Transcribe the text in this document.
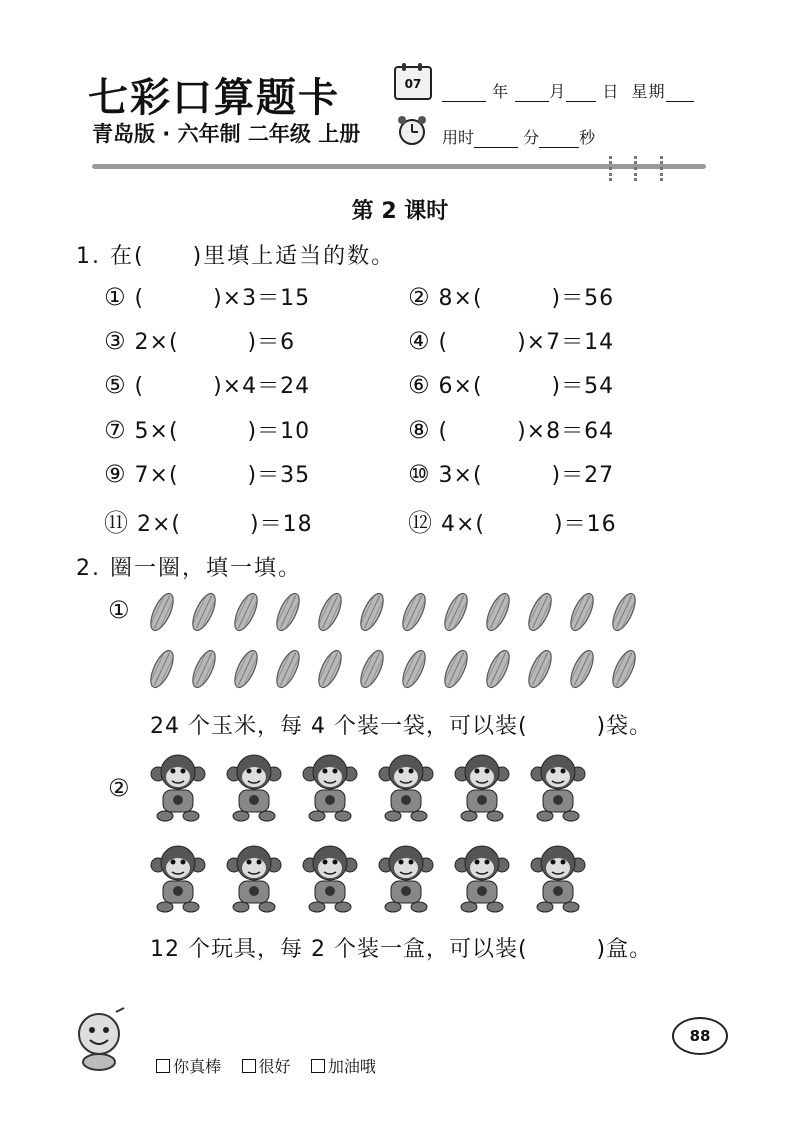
七彩口算题卡
青岛版 · 六年制 二年级 上册
07	年	月 日 星期
用时	分	秒
第 2 课时
1. 在(　　)里填上适当的数。
① (　　　)×3＝15	② 8×(　　　)＝56
③ 2×(　　　)＝6	④ (　　　)×7＝14
⑤ (　　　)×4＝24	⑥ 6×(　　　)＝54
⑦ 5×(　　　)＝10	⑧ (　　　)×8＝64
⑨ 7×(　　　)＝35	⑩ 3×(　　　)＝27
⑪ 2×(　　　)＝18	⑫ 4×(　　　)＝16
2. 圈一圈，填一填。
①
24 个玉米，每 4 个装一袋，可以装(　　　)袋。
②
12 个玩具，每 2 个装一盒，可以装(　　　)盒。

你真棒 很好 加油哦

88
